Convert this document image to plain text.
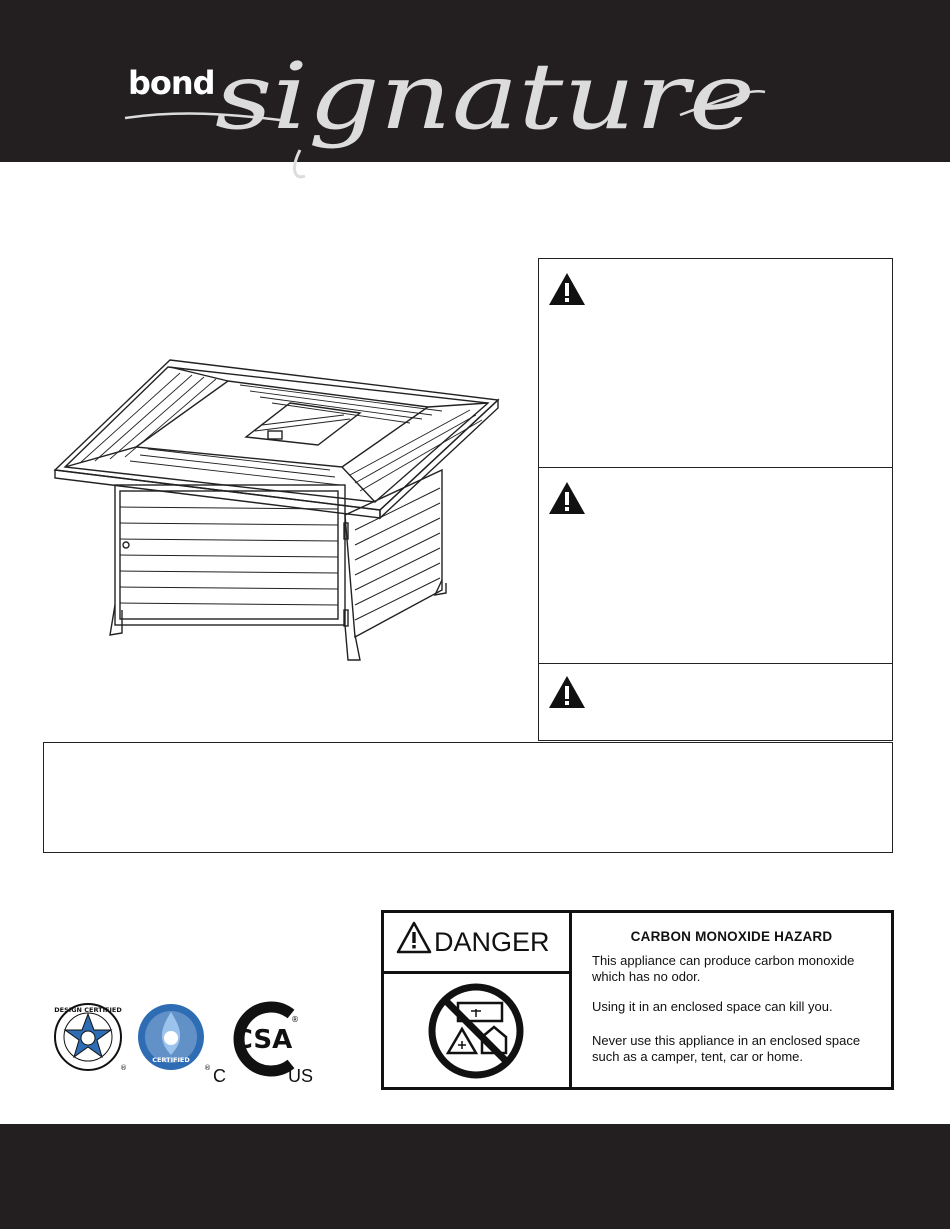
bond signature
DESIGN CERTIFIED
®
CERTIFIED
®
CSA
®
C	US
DANGER	CARBON MONOXIDE HAZARD
This appliance can produce carbon monoxide
which has no odor.
Using it in an enclosed space can kill you.
Never use this appliance in an enclosed space
such as a camper, tent, car or home.
